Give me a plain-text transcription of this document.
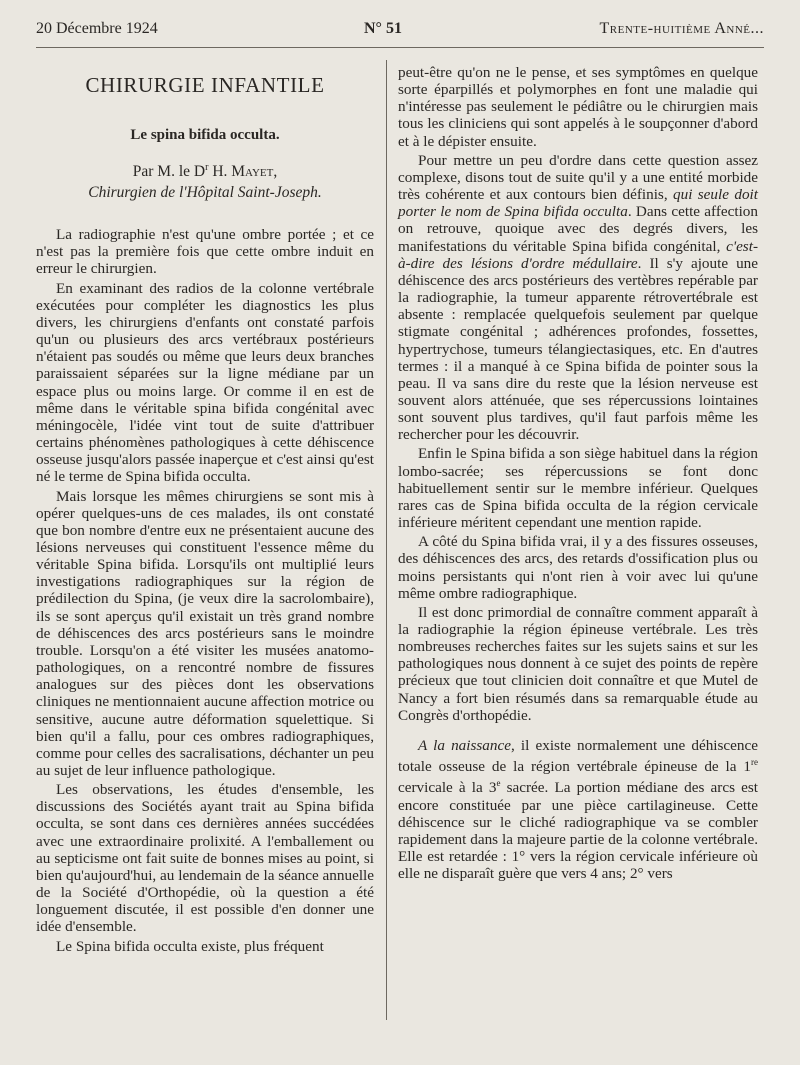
20 Décembre 1924	N° 51	Trente-huitième Anné...
CHIRURGIE INFANTILE
Le spina bifida occulta.
Par M. le $D^r$ H. Mayet,
Chirurgien de l'Hôpital Saint-Joseph.

La radiographie n'est qu'une ombre portée ; et ce n'est pas la première fois que cette ombre induit en erreur le chirurgien.

En examinant des radios de la colonne vertébrale exécutées pour compléter les diagnostics les plus divers, les chirurgiens d'enfants ont constaté parfois qu'un ou plusieurs des arcs vertébraux postérieurs n'étaient pas soudés ou même que leurs deux branches paraissaient séparées sur la ligne médiane par un espace plus ou moins large. Or comme il en est de même dans le véritable spina bifida congénital avec méningocèle, l'idée vint tout de suite d'attribuer certains phénomènes pathologiques à cette déhiscence osseuse jusqu'alors passée inaperçue et c'est ainsi qu'est né le terme de Spina bifida occulta.

Mais lorsque les mêmes chirurgiens se sont mis à opérer quelques-uns de ces malades, ils ont constaté que bon nombre d'entre eux ne présentaient aucune des lésions nerveuses qui constituent l'essence même du véritable Spina bifida. Lorsqu'ils ont multiplié leurs investigations radiographiques sur la région de prédilection du Spina, (je veux dire la sacrolombaire), ils se sont aperçus qu'il existait un très grand nombre de déhiscences des arcs postérieurs sans le moindre trouble. Lorsqu'on a été visiter les musées anatomo-pathologiques, on a rencontré nombre de fissures analogues sur des pièces dont les observations cliniques ne mentionnaient aucune affection motrice ou sensitive, aucune autre déformation squelettique. Si bien qu'il a fallu, pour ces ombres radiographiques, comme pour celles des sacralisations, déchanter un peu au sujet de leur influence pathologique.

Les observations, les études d'ensemble, les discussions des Sociétés ayant trait au Spina bifida occulta, se sont dans ces dernières années succédées avec une extraordinaire prolixité. A l'emballement ou au septicisme ont fait suite de bonnes mises au point, si bien qu'aujourd'hui, au lendemain de la séance annuelle de la Société d'Orthopédie, où la question a été longuement discutée, il est possible d'en donner une idée d'ensemble.

Le Spina bifida occulta existe, plus fréquent

peut-être qu'on ne le pense, et ses symptômes en quelque sorte éparpillés et polymorphes en font une maladie qui n'intéresse pas seulement le pédiâtre ou le chirurgien mais tous les cliniciens qui sont appelés à le soupçonner d'abord et à le dépister ensuite.

Pour mettre un peu d'ordre dans cette question assez complexe, disons tout de suite qu'il y a une entité morbide très cohérente et aux contours bien définis, qui seule doit porter le nom de Spina bifida occulta. Dans cette affection on retrouve, quoique avec des degrés divers, les manifestations du véritable Spina bifida congénital, c'est-à-dire des lésions d'ordre médullaire. Il s'y ajoute une déhiscence des arcs postérieurs des vertèbres repérable par la radiographie, la tumeur apparente rétrovertébrale est absente : remplacée quelquefois seulement par quelque stigmate congénital ; adhérences profondes, fossettes, hypertrychose, tumeurs télangiectasiques, etc. En d'autres termes : il a manqué à ce Spina bifida de pointer sous la peau. Il va sans dire du reste que la lésion nerveuse est souvent alors atténuée, que ses répercussions lointaines sont souvent plus tardives, qu'il faut parfois même les rechercher pour les découvrir.

Enfin le Spina bifida a son siège habituel dans la région lombo-sacrée; ses répercussions se font donc habituellement sentir sur le membre inférieur. Quelques rares cas de Spina bifida occulta de la région cervicale inférieure méritent cependant une mention rapide.

A côté du Spina bifida vrai, il y a des fissures osseuses, des déhiscences des arcs, des retards d'ossification plus ou moins persistants qui n'ont rien à voir avec lui qu'une même ombre radiographique.

Il est donc primordial de connaître comment apparaît à la radiographie la région épineuse vertébrale. Les très nombreuses recherches faites sur les sujets sains et sur les pathologiques nous donnent à ce sujet des points de repère précieux que tout clinicien doit connaître et que Mutel de Nancy a fort bien résumés dans sa remarquable étude au Congrès d'orthopédie.

A la naissance, il existe normalement une déhiscence totale osseuse de la région vertébrale épineuse de la 1re cervicale à la 3e sacrée. La portion médiane des arcs est encore constituée par une pièce cartilagineuse. Cette déhiscence sur le cliché radiographique va se combler rapidement dans la majeure partie de la colonne vertébrale. Elle est retardée : 1° vers la région cervicale inférieure où elle ne disparaît guère que vers 4 ans; 2° vers
